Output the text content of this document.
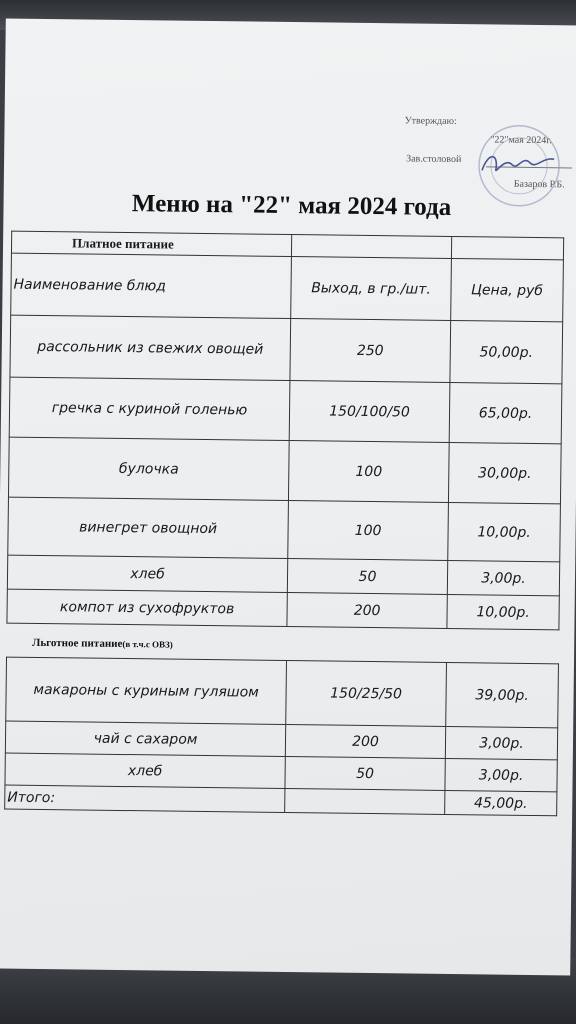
Утверждаю:
"22"мая 2024г.
Зав.столовой
Базаров Р.Б.
Меню на "22" мая 2024 года
Платное питание		
Наименование блюд	Выход, в гр./шт.	Цена, руб
рассольник из свежих овощей	250	50,00р.
гречка с куриной голенью	150/100/50	65,00р.
булочка	100	30,00р.
винегрет овощной	100	10,00р.
хлеб	50	3,00р.
компот из сухофруктов	200	10,00р.
Льготное питание(в т.ч.с ОВЗ)
макароны с куриным гуляшом	150/25/50	39,00р.
чай с сахаром	200	3,00р.
хлеб	50	3,00р.
Итого:		45,00р.
